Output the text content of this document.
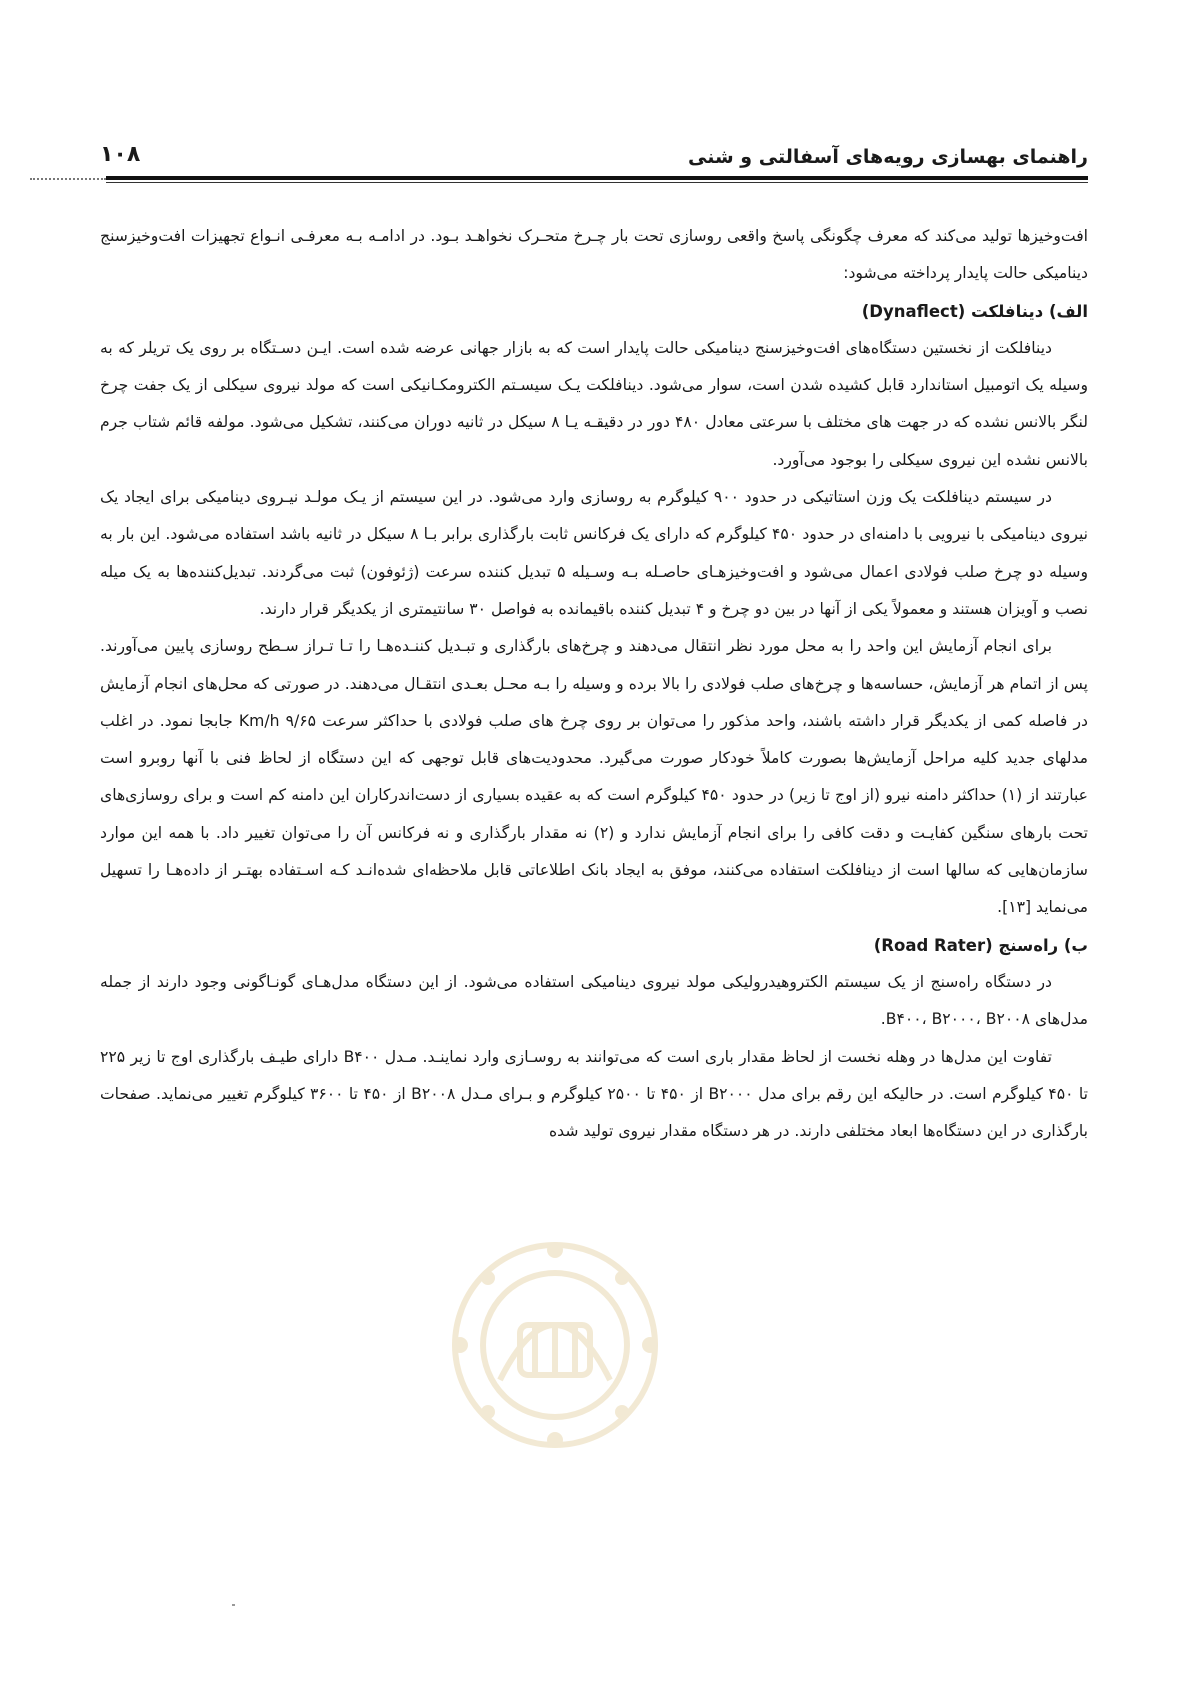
راهنمای بهسازی رویه‌های آسفالتی و شنی
۱۰۸

افت‌وخیزها تولید می‌کند که معرف چگونگی پاسخ واقعی روسازی تحت بار چـرخ متحـرک نخواهـد بـود. در ادامـه بـه معرفـی انـواع تجهیزات افت‌وخیزسنج دینامیکی حالت پایدار پرداخته می‌شود:

الف) دینافلکت (Dynaflect)

دینافلکت از نخستین دستگاه‌های افت‌وخیزسنج دینامیکی حالت پایدار است که به بازار جهانی عرضه شده است. ایـن دسـتگاه بر روی یک تریلر که به وسیله یک اتومبیل استاندارد قابل کشیده شدن است، سوار می‌شود. دینافلکت یـک سیسـتم الکترومکـانیکی است که مولد نیروی سیکلی از یک جفت چرخ لنگر بالانس نشده که در جهت های مختلف با سرعتی معادل ۴۸۰ دور در دقیقـه یـا ۸ سیکل در ثانیه دوران می‌کنند، تشکیل می‌شود. مولفه قائم شتاب جرم بالانس نشده این نیروی سیکلی را بوجود می‌آورد.

در سیستم دینافلکت یک وزن استاتیکی در حدود ۹۰۰ کیلوگرم به روسازی وارد می‌شود. در این سیستم از یـک مولـد نیـروی دینامیکی برای ایجاد یک نیروی دینامیکی با نیرویی با دامنه‌ای در حدود ۴۵۰ کیلوگرم که دارای یک فرکانس ثابت بارگذاری برابر بـا ۸ سیکل در ثانیه باشد استفاده می‌شود. این بار به وسیله دو چرخ صلب فولادی اعمال می‌شود و افت‌وخیزهـای حاصـله بـه وسـیله ۵ تبدیل کننده سرعت (ژئوفون) ثبت می‌گردند. تبدیل‌کننده‌ها به یک میله نصب و آویزان هستند و معمولاً یکی از آنها در بین دو چرخ و ۴ تبدیل کننده باقیمانده به فواصل ۳۰ سانتیمتری از یکدیگر قرار دارند.

برای انجام آزمایش این واحد را به محل مورد نظر انتقال می‌دهند و چرخ‌های بارگذاری و تبـدیل کننـده‌هـا را تـا تـراز سـطح روسازی پایین می‌آورند. پس از اتمام هر آزمایش، حساسه‌ها و چرخ‌های صلب فولادی را بالا برده و وسیله را بـه محـل بعـدی انتقـال می‌دهند. در صورتی که محل‌های انجام آزمایش در فاصله کمی از یکدیگر قرار داشته باشند، واحد مذکور را می‌توان بر روی چرخ های صلب فولادی با حداکثر سرعت ۹/۶۵ Km/h جابجا نمود. در اغلب مدلهای جدید کلیه مراحل آزمایش‌ها بصورت کاملاً خودکار صورت می‌گیرد. محدودیت‌های قابل توجهی که این دستگاه از لحاظ فنی با آنها روبرو است عبارتند از (۱) حداکثر دامنه نیرو (از اوج تا زیر) در حدود ۴۵۰ کیلوگرم است که به عقیده بسیاری از دست‌اندرکاران این دامنه کم است و برای روسازی‌های تحت بارهای سنگین کفایـت و دقت کافی را برای انجام آزمایش ندارد و (۲) نه مقدار بارگذاری و نه فرکانس آن را می‌توان تغییر داد. با همه این موارد سازمان‌هایی که سالها است از دینافلکت استفاده می‌کنند، موفق به ایجاد بانک اطلاعاتی قابل ملاحظه‌ای شده‌انـد کـه اسـتفاده بهتـر از داده‌هـا را تسهیل می‌نماید [۱۳].

ب) راه‌سنج (Road Rater)

در دستگاه راه‌سنج از یک سیستم الکتروهیدرولیکی مولد نیروی دینامیکی استفاده می‌شود. از این دستگاه مدل‌هـای گونـاگونی وجود دارند از جمله مدل‌های B۴۰۰، B۲۰۰۰، B۲۰۰۸.

تفاوت این مدل‌ها در وهله نخست از لحاظ مقدار باری است که می‌توانند به روسـازی وارد نماینـد. مـدل B۴۰۰ دارای طیـف بارگذاری اوج تا زیر ۲۲۵ تا ۴۵۰ کیلوگرم است. در حالیکه این رقم برای مدل B۲۰۰۰ از ۴۵۰ تا ۲۵۰۰ کیلوگرم و بـرای مـدل B۲۰۰۸ از ۴۵۰ تا ۳۶۰۰ کیلوگرم تغییر می‌نماید. صفحات بارگذاری در این دستگاه‌ها ابعاد مختلفی دارند. در هر دستگاه مقدار نیروی تولید شده
